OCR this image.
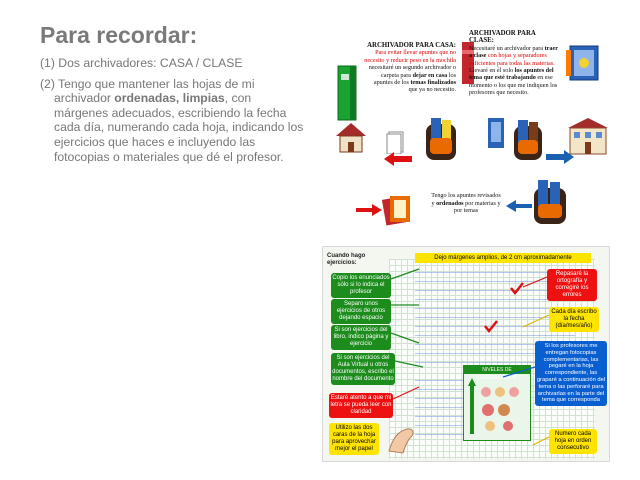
Para recordar:

(1) Dos archivadores: CASA / CLASE

(2) Tengo que mantener las hojas de mi archivador ordenadas, limpias, con márgenes adecuados, escribiendo la fecha cada día, numerando cada hoja, indicando los ejercicios que haces e incluyendo las fotocopias o materiales que dé el profesor.

ARCHIVADOR PARA CASA:
Para evitar llevar apuntes que no necesito y reducir peso en la mochila necesitaré un segundo archivador o carpeta para dejar en casa los apuntes de los temas finalizados que ya no necesito.
ARCHIVADOR PARA CLASE:
Necesitaré un archivador para traer a clase con hojas y separadores suficientes para todas las materias. Llevaré en él solo los apuntes del tema que esté trabajando en ese momento o los que me indiquen los profesores que necesito.
Tengo los apuntes revisados y ordenados por materias y por temas
Dejo márgenes amplios, de 2 cm aproximadamente
Cuando hago ejercicios:
Copio los enunciados sólo si lo indica el profesor
Separo unos ejercicios de otros dejando espacio
Si son ejercicios del libro, indico página y ejercicio
Si son ejercicios del Aula Virtual u otros documentos, escribo el nombre del documento
Estaré atento a que mi letra se pueda leer con claridad
Utilizo las dos caras de la hoja para aprovechar mejor el papel
Repasaré la ortografía y corregiré los errores
Cada día escribo la fecha (día/mes/año)
Si los profesores me entregan fotocopias complementarias, las pegaré en la hoja correspondiente, las graparé a continuación del tema o las perforaré para archivarlas en la parte del tema que corresponda
Numero cada hoja en orden consecutivo
NIVELES DE ORGANIZACIÓN
